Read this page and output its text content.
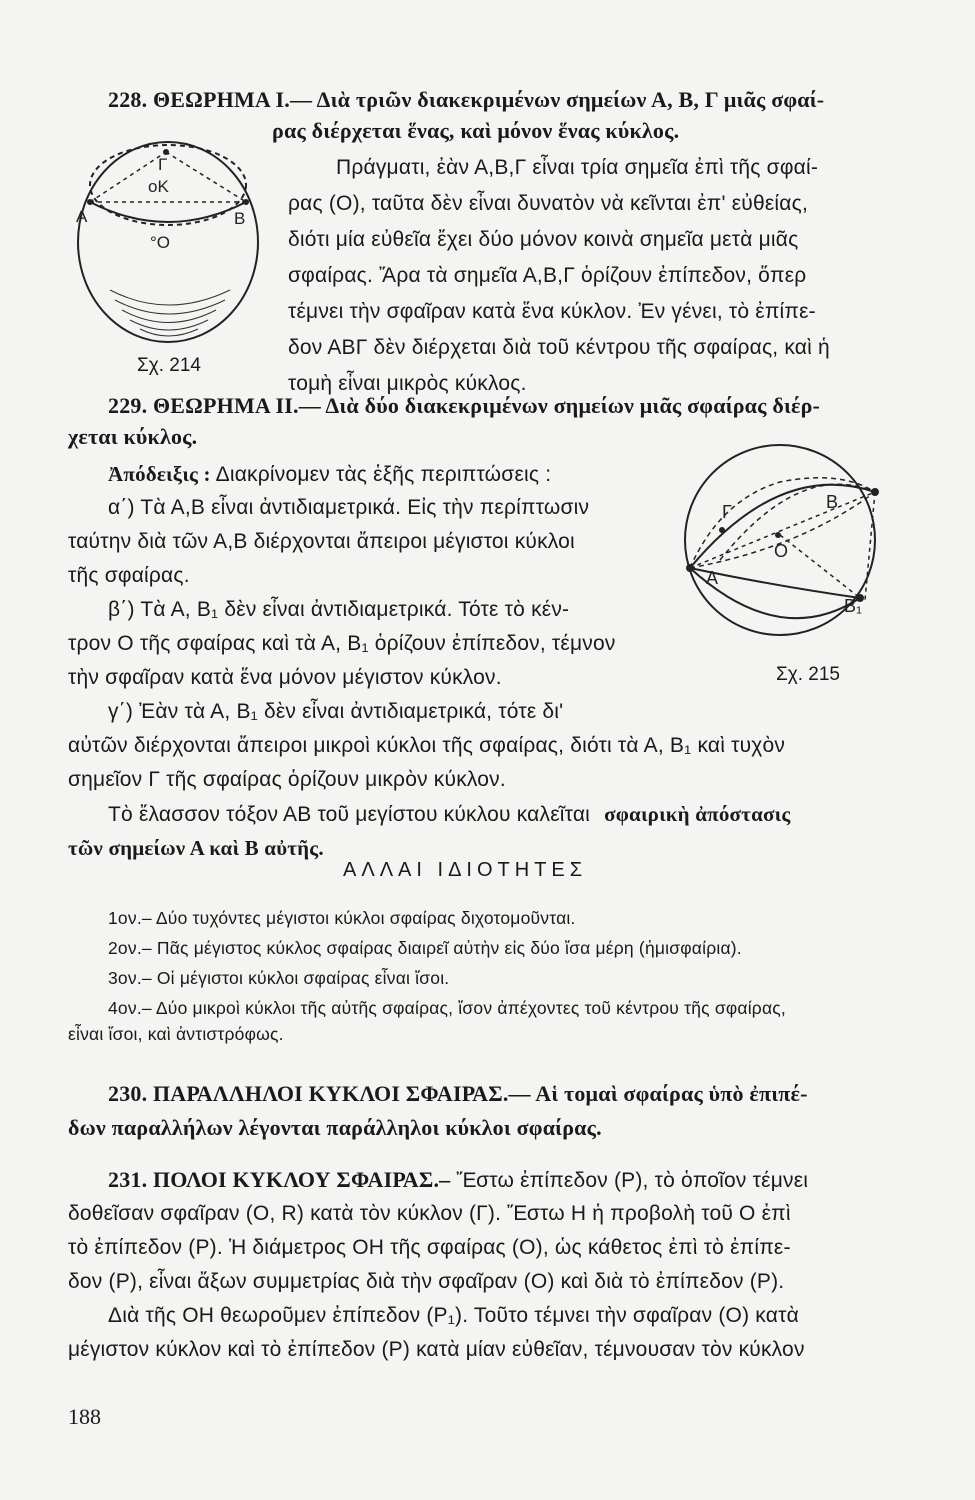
228. ΘΕΩΡΗΜΑ Ι.— Διὰ τριῶν διακεκριμένων σημείων Α, Β, Γ μιᾶς σφαί-
ρας διέρχεται ἕνας, καὶ μόνον ἕνας κύκλος.
Πράγματι, ἐὰν Α,Β,Γ εἶναι τρία σημεῖα ἐπὶ τῆς σφαί-
ρας (Ο), ταῦτα δὲν εἶναι δυνατὸν νὰ κεῖνται ἐπ' εὐθείας,
διότι μία εὐθεῖα ἔχει δύο μόνον κοινὰ σημεῖα μετὰ μιᾶς
σφαίρας. Ἄρα τὰ σημεῖα Α,Β,Γ ὁρίζουν ἐπίπεδον, ὅπερ
τέμνει τὴν σφαῖραν κατὰ ἕνα κύκλον. Ἐν γένει, τὸ ἐπίπε-
δον ΑΒΓ δὲν διέρχεται διὰ τοῦ κέντρου τῆς σφαίρας, καὶ ἡ
τομὴ εἶναι μικρὸς κύκλος.
Γ
οΚ
Α	Β
°Ο
Σχ. 214
229. ΘΕΩΡΗΜΑ ΙΙ.— Διὰ δύο διακεκριμένων σημείων μιᾶς σφαίρας διέρ-
χεται κύκλος.
Ἀπόδειξις : Διακρίνομεν τὰς ἑξῆς περιπτώσεις :
α΄) Τὰ Α,Β εἶναι ἀντιδιαμετρικά. Εἰς τὴν περίπτωσιν
ταύτην διὰ τῶν Α,Β διέρχονται ἄπειροι μέγιστοι κύκλοι
τῆς σφαίρας.
β΄) Τὰ Α, Β₁ δὲν εἶναι ἀντιδιαμετρικά. Τότε τὸ κέν-
τρον Ο τῆς σφαίρας καὶ τὰ Α, Β₁ ὁρίζουν ἐπίπεδον, τέμνον
τὴν σφαῖραν κατὰ ἕνα μόνον μέγιστον κύκλον.
γ΄) Ἐὰν τὰ Α, Β₁ δὲν εἶναι ἀντιδιαμετρικά, τότε δι'
αὐτῶν διέρχονται ἄπειροι μικροὶ κύκλοι τῆς σφαίρας, διότι τὰ Α, Β₁ καὶ τυχὸν
σημεῖον Γ τῆς σφαίρας ὁρίζουν μικρὸν κύκλον.
Τὸ ἔλασσον τόξον ΑΒ τοῦ μεγίστου κύκλου καλεῖται σφαιρικὴ ἀπόστασις
τῶν σημείων Α καὶ Β αὐτῆς.
Γ	Β
Ο
Α
Β₁
Σχ. 215
ΑΛΛΑΙ ΙΔΙΟΤΗΤΕΣ
1ον.– Δύο τυχόντες μέγιστοι κύκλοι σφαίρας διχοτομοῦνται.
2ον.– Πᾶς μέγιστος κύκλος σφαίρας διαιρεῖ αὐτὴν εἰς δύο ἴσα μέρη (ἡμισφαίρια).
3ον.– Οἱ μέγιστοι κύκλοι σφαίρας εἶναι ἴσοι.
4ον.– Δύο μικροὶ κύκλοι τῆς αὐτῆς σφαίρας, ἴσον ἀπέχοντες τοῦ κέντρου τῆς σφαίρας,
εἶναι ἴσοι, καὶ ἀντιστρόφως.
230. ΠΑΡΑΛΛΗΛΟΙ ΚΥΚΛΟΙ ΣΦΑΙΡΑΣ.— Αἱ τομαὶ σφαίρας ὑπὸ ἐπιπέ-
δων παραλλήλων λέγονται παράλληλοι κύκλοι σφαίρας.
231. ΠΟΛΟΙ ΚΥΚΛΟΥ ΣΦΑΙΡΑΣ.– Ἔστω ἐπίπεδον (Ρ), τὸ ὁποῖον τέμνει
δοθεῖσαν σφαῖραν (Ο, R) κατὰ τὸν κύκλον (Γ). Ἔστω Η ἡ προβολὴ τοῦ Ο ἐπὶ
τὸ ἐπίπεδον (Ρ). Ἡ διάμετρος ΟΗ τῆς σφαίρας (Ο), ὡς κάθετος ἐπὶ τὸ ἐπίπε-
δον (Ρ), εἶναι ἄξων συμμετρίας διὰ τὴν σφαῖραν (Ο) καὶ διὰ τὸ ἐπίπεδον (Ρ).
Διὰ τῆς ΟΗ θεωροῦμεν ἐπίπεδον (Ρ₁). Τοῦτο τέμνει τὴν σφαῖραν (Ο) κατὰ
μέγιστον κύκλον καὶ τὸ ἐπίπεδον (Ρ) κατὰ μίαν εὐθεῖαν, τέμνουσαν τὸν κύκλον
188
